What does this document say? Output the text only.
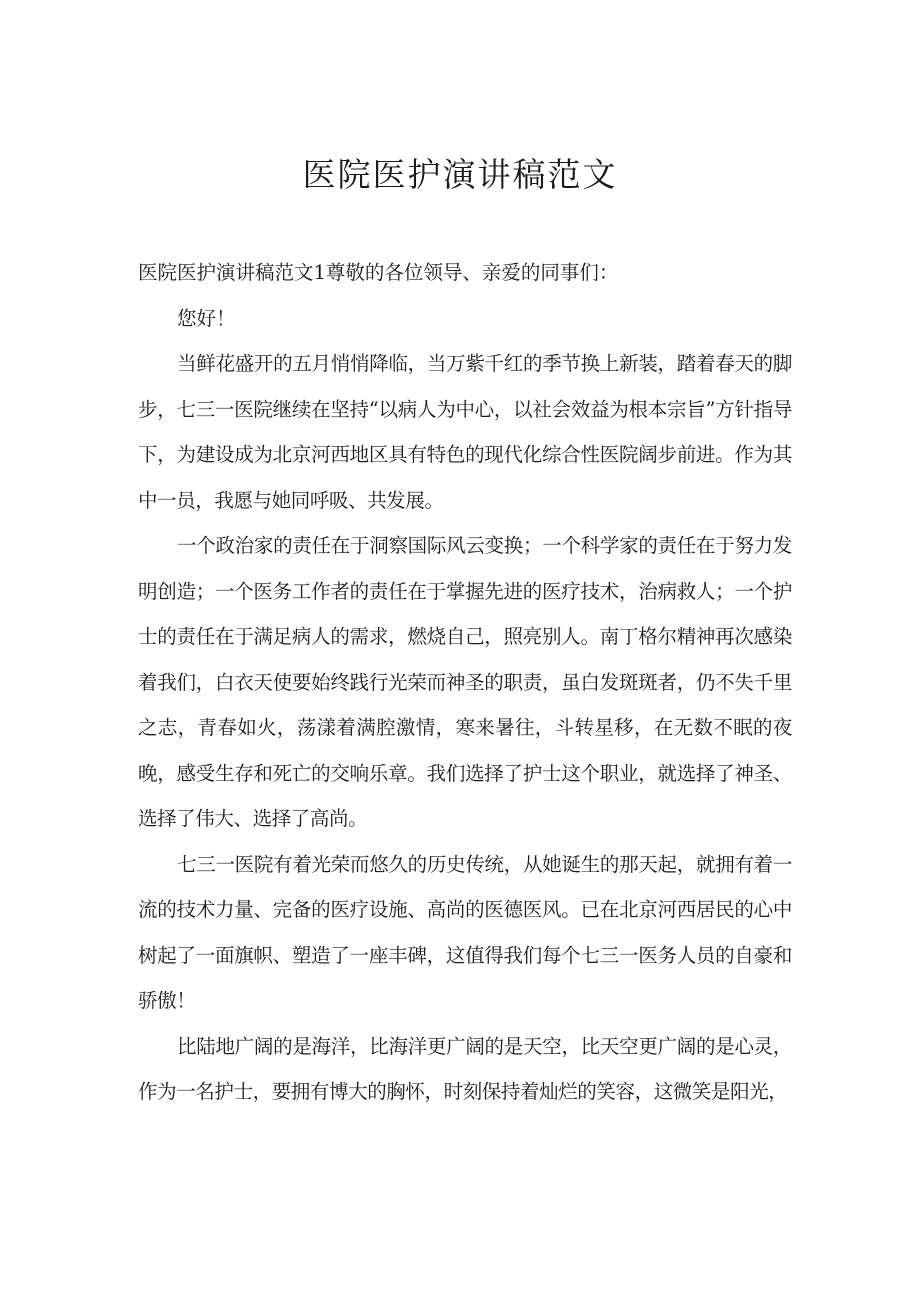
医院医护演讲稿范文

医院医护演讲稿范文1尊敬的各位领导、亲爱的同事们：

您好！

当鲜花盛开的五月悄悄降临，当万紫千红的季节换上新装，踏着春天的脚步，七三一医院继续在坚持“以病人为中心，以社会效益为根本宗旨”方针指导下，为建设成为北京河西地区具有特色的现代化综合性医院阔步前进。作为其中一员，我愿与她同呼吸、共发展。

一个政治家的责任在于洞察国际风云变换；一个科学家的责任在于努力发明创造；一个医务工作者的责任在于掌握先进的医疗技术，治病救人；一个护士的责任在于满足病人的需求，燃烧自己，照亮别人。南丁格尔精神再次感染着我们，白衣天使要始终践行光荣而神圣的职责，虽白发斑斑者，仍不失千里之志，青春如火，荡漾着满腔激情，寒来暑往，斗转星移，在无数不眠的夜晚，感受生存和死亡的交响乐章。我们选择了护士这个职业，就选择了神圣、选择了伟大、选择了高尚。

七三一医院有着光荣而悠久的历史传统，从她诞生的那天起，就拥有着一流的技术力量、完备的医疗设施、高尚的医德医风。已在北京河西居民的心中树起了一面旗帜、塑造了一座丰碑，这值得我们每个七三一医务人员的自豪和骄傲！

比陆地广阔的是海洋，比海洋更广阔的是天空，比天空更广阔的是心灵，作为一名护士，要拥有博大的胸怀，时刻保持着灿烂的笑容，这微笑是阳光，
